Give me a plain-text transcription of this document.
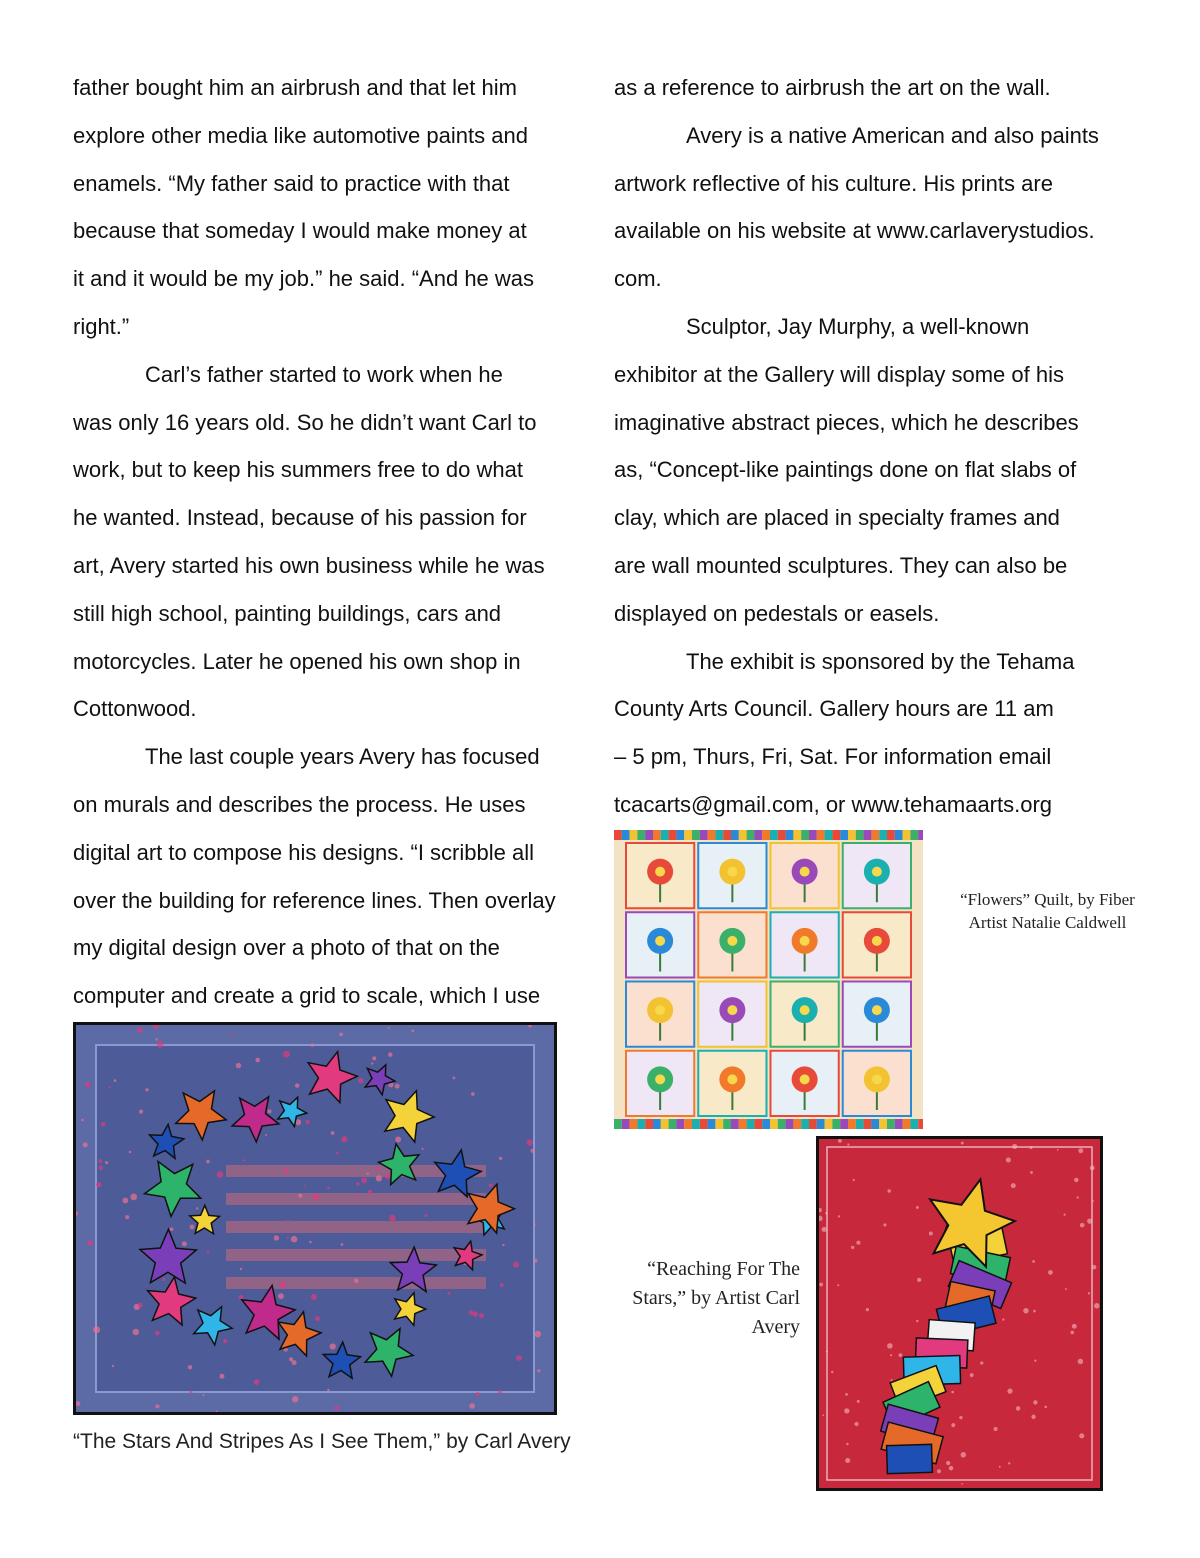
father bought him an airbrush and that let him
explore other media like automotive paints and
enamels. “My father said to practice with that
because that someday I would make money at
it and it would be my job.” he said. “And he was
right.”

Carl’s father started to work when he
was only 16 years old. So he didn’t want Carl to
work, but to keep his summers free to do what
he wanted. Instead, because of his passion for
art, Avery started his own business while he was
still high school, painting buildings, cars and
motorcycles. Later he opened his own shop in
Cottonwood.

The last couple years Avery has focused
on murals and describes the process. He uses
digital art to compose his designs. “I scribble all
over the building for reference lines. Then overlay
my digital design over a photo of that on the
computer and create a grid to scale, which I use

as a reference to airbrush the art on the wall.

Avery is a native American and also paints
artwork reflective of his culture. His prints are
available on his website at www.carlaverystudios.
com.

Sculptor, Jay Murphy, a well-known
exhibitor at the Gallery will display some of his
imaginative abstract pieces, which he describes
as, “Concept-like paintings done on flat slabs of
clay, which are placed in specialty frames and
are wall mounted sculptures. They can also be
displayed on pedestals or easels.

The exhibit is sponsored by the Tehama
County Arts Council. Gallery hours are 11 am
– 5 pm, Thurs, Fri, Sat. For information email
tcacarts@gmail.com, or www.tehamaarts.org

“Flowers” Quilt, by Fiber Artist Natalie Caldwell
“The Stars And Stripes As I See Them,” by Carl Avery
“Reaching For The Stars,” by Artist Carl Avery
